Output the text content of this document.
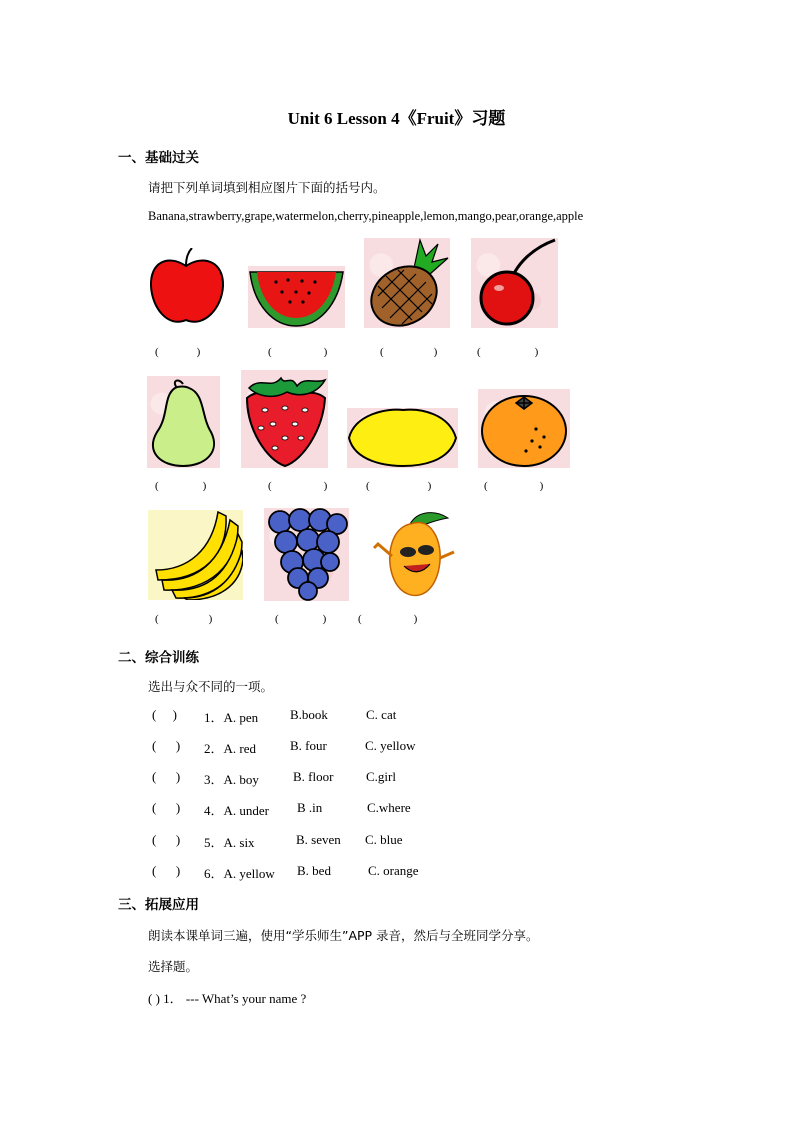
Unit 6 Lesson 4《Fruit》习题
一、基础过关
请把下列单词填到相应图片下面的括号内。
Banana,strawberry,grape,watermelon,cherry,pineapple,lemon,mango,pear,orange,apple
(	)	(	)	(	)	(	)
(	)	(	)	(	)	(	)
(	)	(	)	(	)
二、综合训练
选出与众不同的一项。
(     ) 1．A. pen B.book	C. cat
(      ) 2．A. red	B. four	C. yellow
(      ) 3．A. boy	B. floor	C.girl
(      ) 4．A. under B .in	C.where
(      ) 5．A. six	B. seven C. blue
(      ) 6．A. yellow B. bed	C. orange
三、拓展应用
朗读本课单词三遍，使用“学乐师生”APP 录音，然后与全班同学分享。
选择题。
( ) 1． --- What’s your name ?
